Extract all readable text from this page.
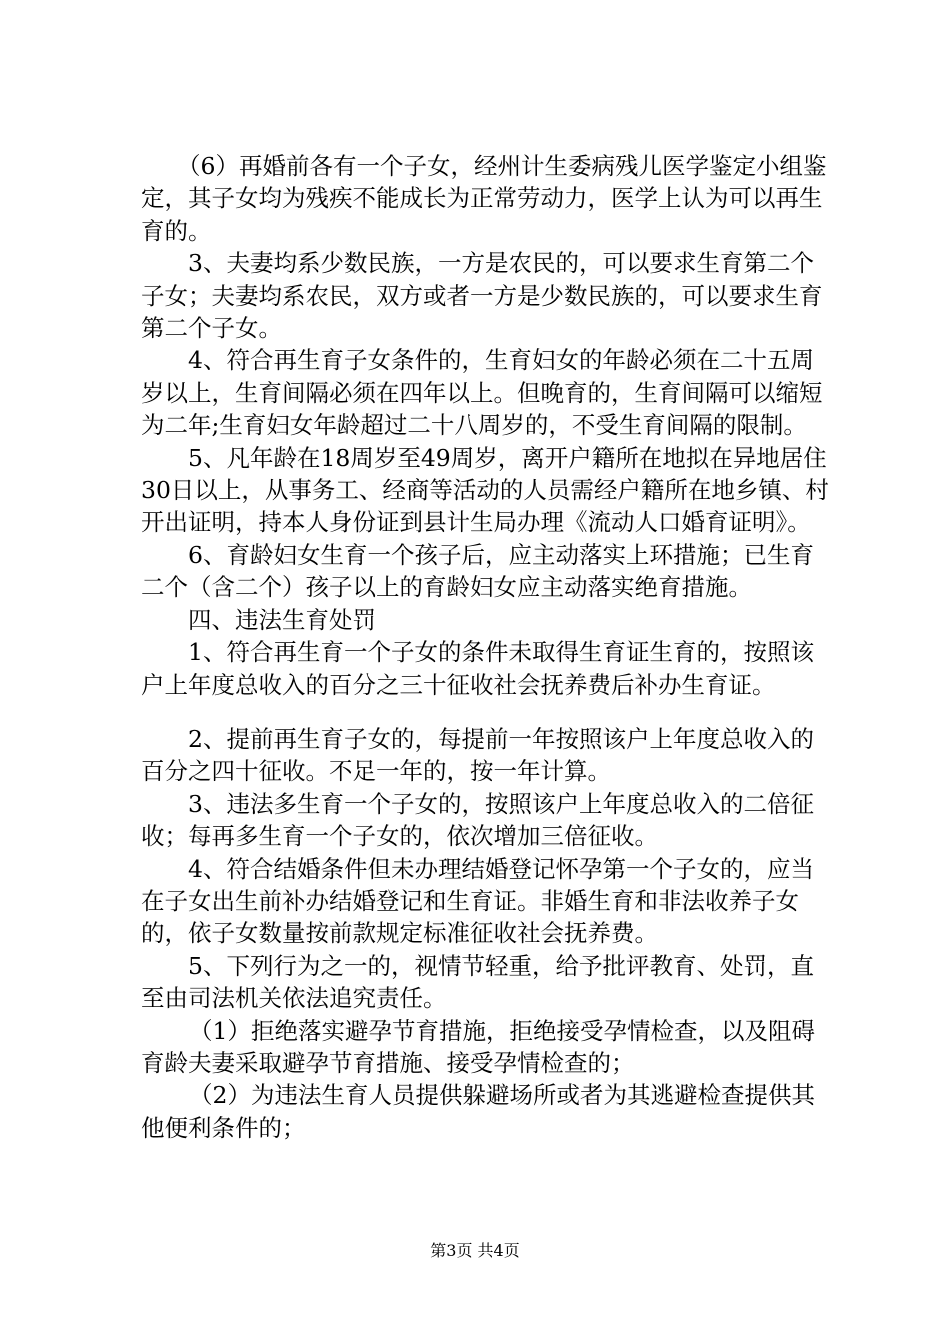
（6）再婚前各有一个子女，经州计生委病残儿医学鉴定小组鉴定，其子女均为残疾不能成长为正常劳动力，医学上认为可以再生育的。

3、夫妻均系少数民族，一方是农民的，可以要求生育第二个子女；夫妻均系农民，双方或者一方是少数民族的，可以要求生育第二个子女。

4、符合再生育子女条件的，生育妇女的年龄必须在二十五周岁以上，生育间隔必须在四年以上。但晚育的，生育间隔可以缩短为二年;生育妇女年龄超过二十八周岁的，不受生育间隔的限制。

5、凡年龄在18周岁至49周岁，离开户籍所在地拟在异地居住30日以上，从事务工、经商等活动的人员需经户籍所在地乡镇、村开出证明，持本人身份证到县计生局办理《流动人口婚育证明》。

6、育龄妇女生育一个孩子后，应主动落实上环措施；已生育二个（含二个）孩子以上的育龄妇女应主动落实绝育措施。

四、违法生育处罚

1、符合再生育一个子女的条件未取得生育证生育的，按照该户上年度总收入的百分之三十征收社会抚养费后补办生育证。

2、提前再生育子女的，每提前一年按照该户上年度总收入的百分之四十征收。不足一年的，按一年计算。

3、违法多生育一个子女的，按照该户上年度总收入的二倍征收；每再多生育一个子女的，依次增加三倍征收。

4、符合结婚条件但未办理结婚登记怀孕第一个子女的，应当在子女出生前补办结婚登记和生育证。非婚生育和非法收养子女的，依子女数量按前款规定标准征收社会抚养费。

5、下列行为之一的，视情节轻重，给予批评教育、处罚，直至由司法机关依法追究责任。

（1）拒绝落实避孕节育措施，拒绝接受孕情检查，以及阻碍育龄夫妻采取避孕节育措施、接受孕情检查的；

（2）为违法生育人员提供躲避场所或者为其逃避检查提供其他便利条件的；

第3页 共4页
